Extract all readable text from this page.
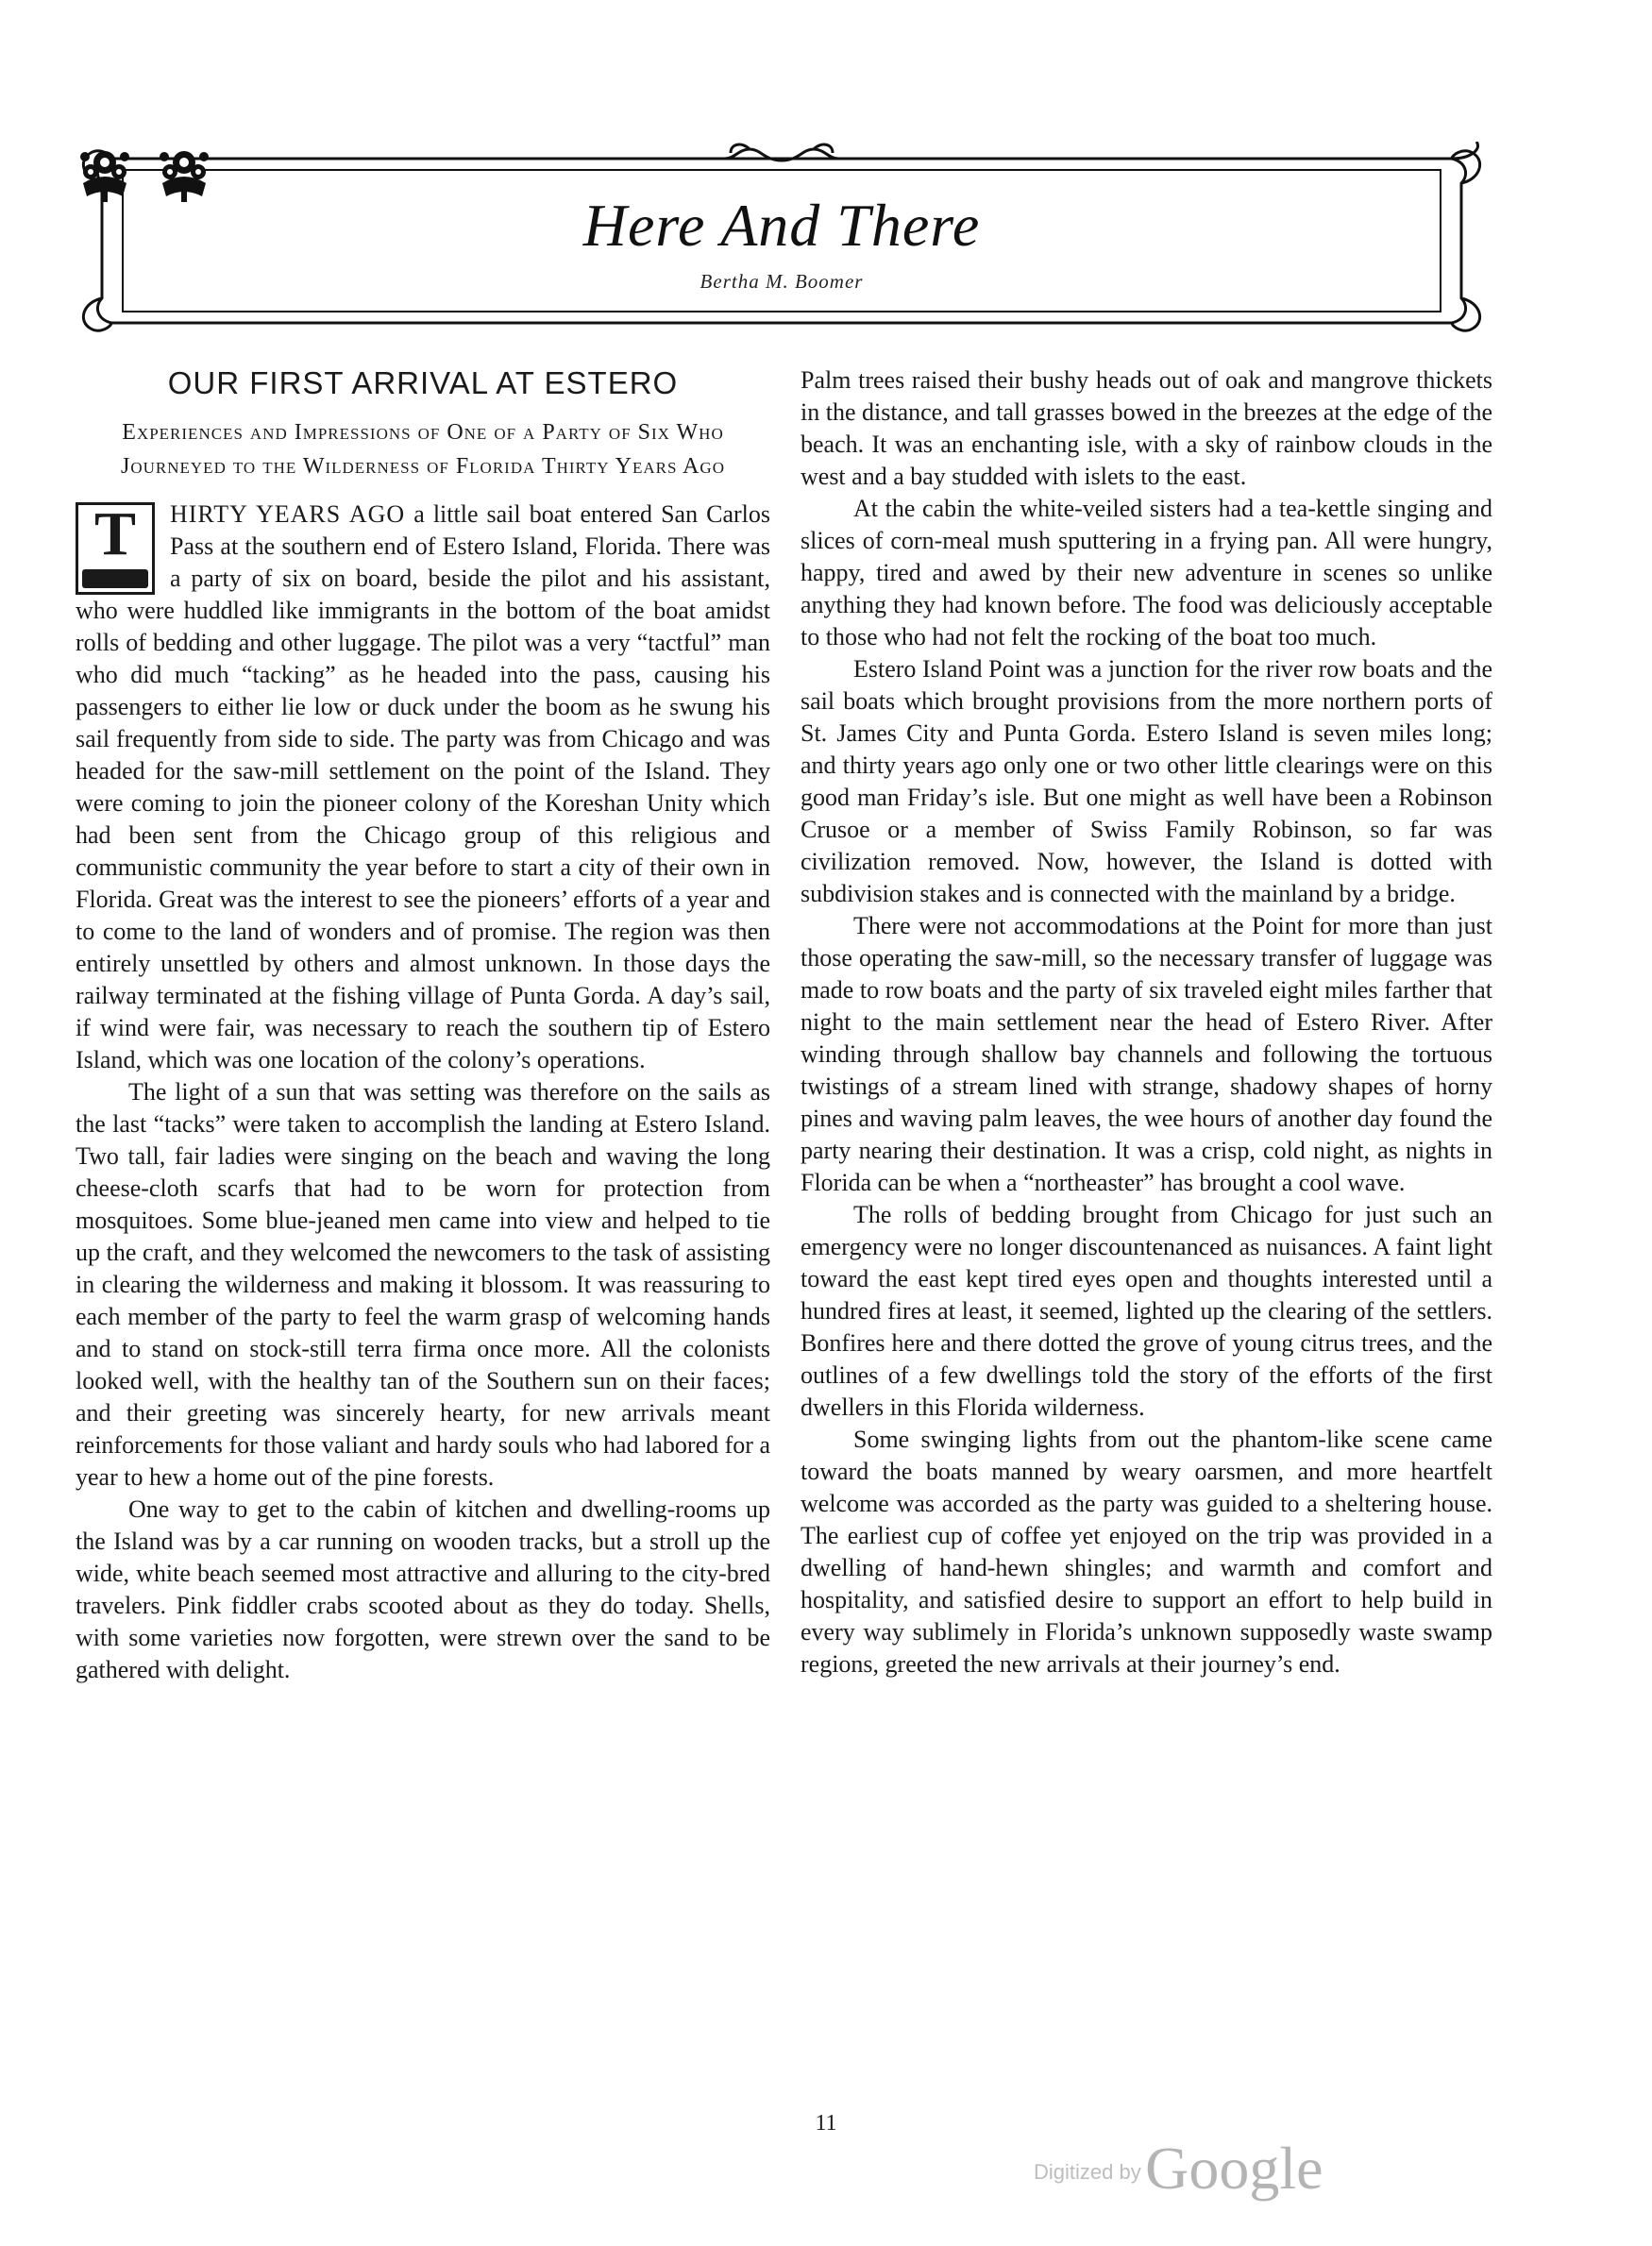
Here And There
Bertha M. Boomer
OUR FIRST ARRIVAL AT ESTERO
Experiences and Impressions of One of a Party of Six Who Journeyed to the Wilderness of Florida Thirty Years Ago

T	HIRTY YEARS AGO a little sail boat entered San Carlos Pass at the southern end of Estero Island, Florida. There was a party of six on board, beside the pilot and his assistant, who were huddled like immigrants in the bottom of the boat amidst rolls of bedding and other luggage. The pilot was a very “tactful” man who did much “tacking” as he headed into the pass, causing his passengers to either lie low or duck under the boom as he swung his sail frequently from side to side. The party was from Chicago and was headed for the saw-mill settlement on the point of the Island. They were coming to join the pioneer colony of the Koreshan Unity which had been sent from the Chicago group of this religious and communistic community the year before to start a city of their own in Florida. Great was the interest to see the pioneers’ efforts of a year and to come to the land of wonders and of promise. The region was then entirely unsettled by others and almost unknown. In those days the railway terminated at the fishing village of Punta Gorda. A day’s sail, if wind were fair, was necessary to reach the southern tip of Estero Island, which was one location of the colony’s operations.

The light of a sun that was setting was therefore on the sails as the last “tacks” were taken to accomplish the landing at Estero Island. Two tall, fair ladies were singing on the beach and waving the long cheese-cloth scarfs that had to be worn for protection from mosquitoes. Some blue-jeaned men came into view and helped to tie up the craft, and they welcomed the newcomers to the task of assisting in clearing the wilderness and making it blossom. It was reassuring to each member of the party to feel the warm grasp of welcoming hands and to stand on stock-still terra firma once more. All the colonists looked well, with the healthy tan of the Southern sun on their faces; and their greeting was sincerely hearty, for new arrivals meant reinforcements for those valiant and hardy souls who had labored for a year to hew a home out of the pine forests.

One way to get to the cabin of kitchen and dwelling-rooms up the Island was by a car running on wooden tracks, but a stroll up the wide, white beach seemed most attractive and alluring to the city-bred travelers. Pink fiddler crabs scooted about as they do today. Shells, with some varieties now forgotten, were strewn over the sand to be gathered with delight.

Palm trees raised their bushy heads out of oak and mangrove thickets in the distance, and tall grasses bowed in the breezes at the edge of the beach. It was an enchanting isle, with a sky of rainbow clouds in the west and a bay studded with islets to the east.

At the cabin the white-veiled sisters had a tea-kettle singing and slices of corn-meal mush sputtering in a frying pan. All were hungry, happy, tired and awed by their new adventure in scenes so unlike anything they had known before. The food was deliciously acceptable to those who had not felt the rocking of the boat too much.

Estero Island Point was a junction for the river row boats and the sail boats which brought provisions from the more northern ports of St. James City and Punta Gorda. Estero Island is seven miles long; and thirty years ago only one or two other little clearings were on this good man Friday’s isle. But one might as well have been a Robinson Crusoe or a member of Swiss Family Robinson, so far was civilization removed. Now, however, the Island is dotted with subdivision stakes and is connected with the mainland by a bridge.

There were not accommodations at the Point for more than just those operating the saw-mill, so the necessary transfer of luggage was made to row boats and the party of six traveled eight miles farther that night to the main settlement near the head of Estero River. After winding through shallow bay channels and following the tortuous twistings of a stream lined with strange, shadowy shapes of horny pines and waving palm leaves, the wee hours of another day found the party nearing their destination. It was a crisp, cold night, as nights in Florida can be when a “northeaster” has brought a cool wave.

The rolls of bedding brought from Chicago for just such an emergency were no longer discountenanced as nuisances. A faint light toward the east kept tired eyes open and thoughts interested until a hundred fires at least, it seemed, lighted up the clearing of the settlers. Bonfires here and there dotted the grove of young citrus trees, and the outlines of a few dwellings told the story of the efforts of the first dwellers in this Florida wilderness.

Some swinging lights from out the phantom-like scene came toward the boats manned by weary oarsmen, and more heartfelt welcome was accorded as the party was guided to a sheltering house. The earliest cup of coffee yet enjoyed on the trip was provided in a dwelling of hand-hewn shingles; and warmth and comfort and hospitality, and satisfied desire to support an effort to help build in every way sublimely in Florida’s unknown supposedly waste swamp regions, greeted the new arrivals at their journey’s end.

11
Digitized by Google
